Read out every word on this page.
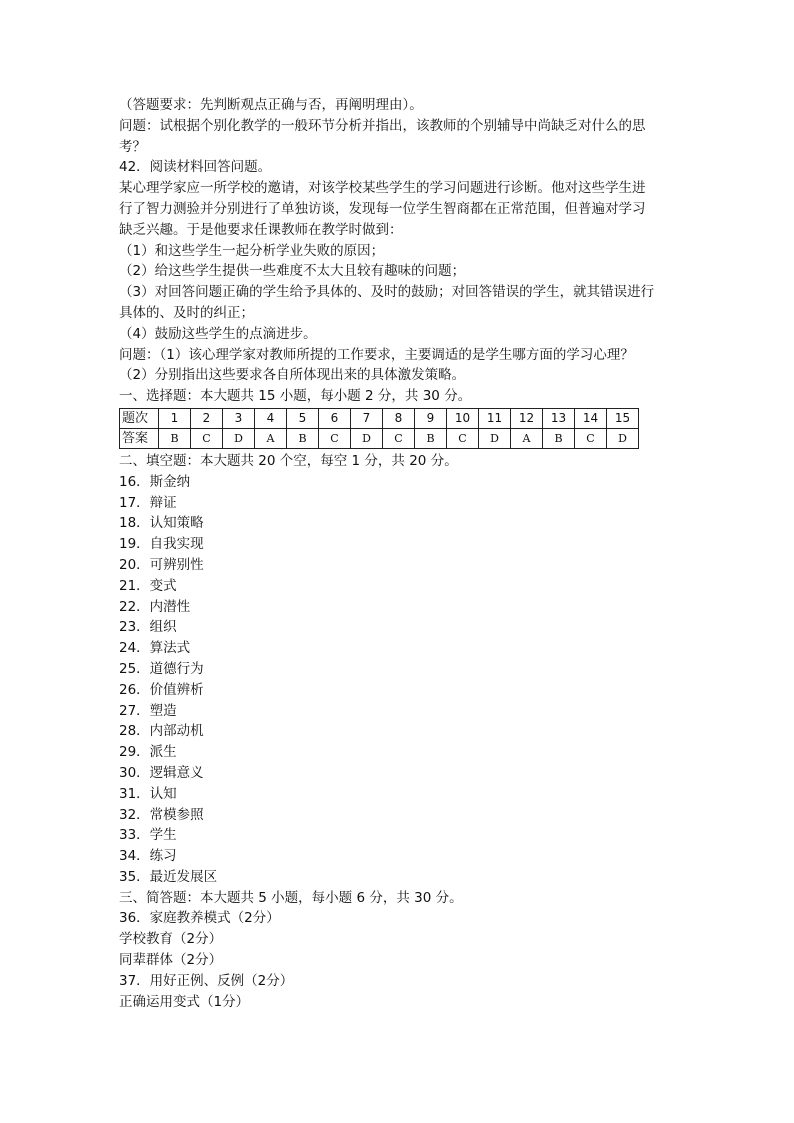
（答题要求：先判断观点正确与否，再阐明理由）。
问题：试根据个别化教学的一般环节分析并指出，该教师的个别辅导中尚缺乏对什么的思
考？
42．阅读材料回答问题。
某心理学家应一所学校的邀请，对该学校某些学生的学习问题进行诊断。他对这些学生进
行了智力测验并分别进行了单独访谈，发现每一位学生智商都在正常范围，但普遍对学习
缺乏兴趣。于是他要求任课教师在教学时做到：
（1）和这些学生一起分析学业失败的原因；
（2）给这些学生提供一些难度不太大且较有趣味的问题；
（3）对回答问题正确的学生给予具体的、及时的鼓励；对回答错误的学生，就其错误进行
具体的、及时的纠正；
（4）鼓励这些学生的点滴进步。
问题：（1）该心理学家对教师所提的工作要求，主要调适的是学生哪方面的学习心理？
（2）分别指出这些要求各自所体现出来的具体激发策略。
一、选择题：本大题共 15 小题，每小题 2 分，共 30 分。
题次	1	2	3	4	5	6	7	8	9	10	11	12	13	14	15
答案	B	C	D	A	B	C	D	C	B	C	D	A	B	C	D
二、填空题：本大题共 20 个空，每空 1 分，共 20 分。
16．斯金纳
17．辩证
18．认知策略
19．自我实现
20．可辨别性
21．变式
22．内潜性
23．组织
24．算法式
25．道德行为
26．价值辨析
27．塑造
28．内部动机
29．派生
30．逻辑意义
31．认知
32．常模参照
33．学生
34．练习
35．最近发展区
三、简答题：本大题共 5 小题，每小题 6 分，共 30 分。
36．家庭教养模式（2分）
学校教育（2分）
同辈群体（2分）
37．用好正例、反例（2分）
正确运用变式（1分）
